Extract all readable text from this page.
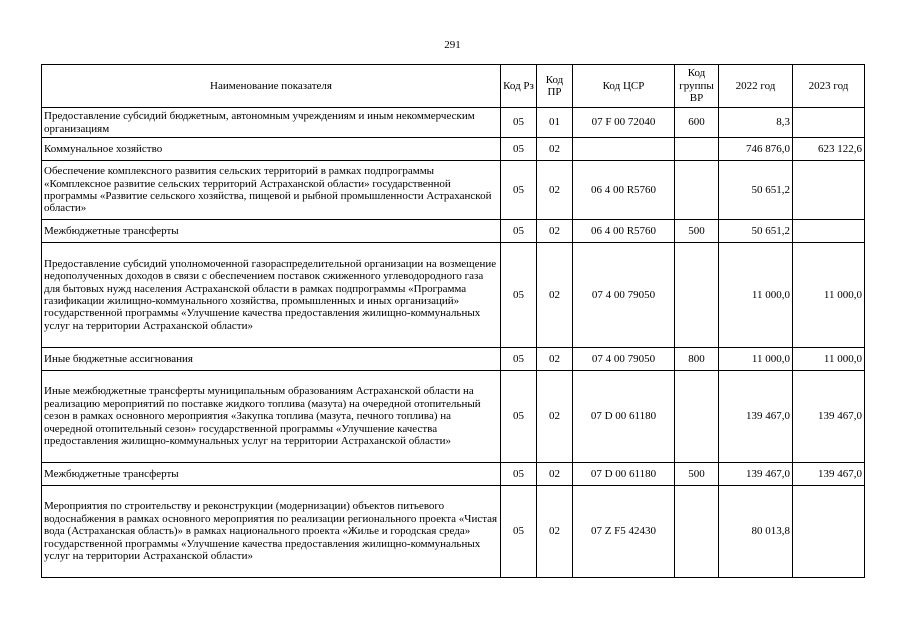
291
Наименование показателя	Код Рз	Код ПР	Код ЦСР	Код группы ВР	2022 год	2023 год
Предоставление субсидий бюджетным, автономным учреждениям и иным некоммерческим организациям	05	01	07 F 00 72040	600	8,3	
Коммунальное хозяйство	05	02			746 876,0	623 122,6
Обеспечение комплексного развития сельских территорий в рамках подпрограммы «Комплексное развитие сельских территорий Астраханской области» государственной программы «Развитие сельского хозяйства, пищевой и рыбной промышленности Астраханской области»	05	02	06 4 00 R5760		50 651,2	
Межбюджетные трансферты	05	02	06 4 00 R5760	500	50 651,2	
Предоставление субсидий уполномоченной газораспределительной организации на возмещение недополученных доходов в связи с обеспечением поставок сжиженного углеводородного газа для бытовых нужд населения Астраханской области в рамках подпрограммы «Программа газификации жилищно-коммунального хозяйства, промышленных и иных организаций» государственной программы «Улучшение качества предоставления жилищно-коммунальных услуг на территории Астраханской области»	05	02	07 4 00 79050		11 000,0	11 000,0
Иные бюджетные ассигнования	05	02	07 4 00 79050	800	11 000,0	11 000,0
Иные межбюджетные трансферты муниципальным образованиям Астраханской области на реализацию мероприятий по поставке жидкого топлива (мазута) на очередной отопительный сезон в рамках основного мероприятия «Закупка топлива (мазута, печного топлива) на очередной отопительный сезон» государственной программы «Улучшение качества предоставления жилищно-коммунальных услуг на территории Астраханской области»	05	02	07 D 00 61180		139 467,0	139 467,0
Межбюджетные трансферты	05	02	07 D 00 61180	500	139 467,0	139 467,0
Мероприятия по строительству и реконструкции (модернизации) объектов питьевого водоснабжения в рамках основного мероприятия по реализации регионального проекта «Чистая вода (Астраханская область)» в рамках национального проекта «Жилье и городская среда» государственной программы «Улучшение качества предоставления жилищно-коммунальных услуг на территории Астраханской области»	05	02	07 Z F5 42430		80 013,8	
